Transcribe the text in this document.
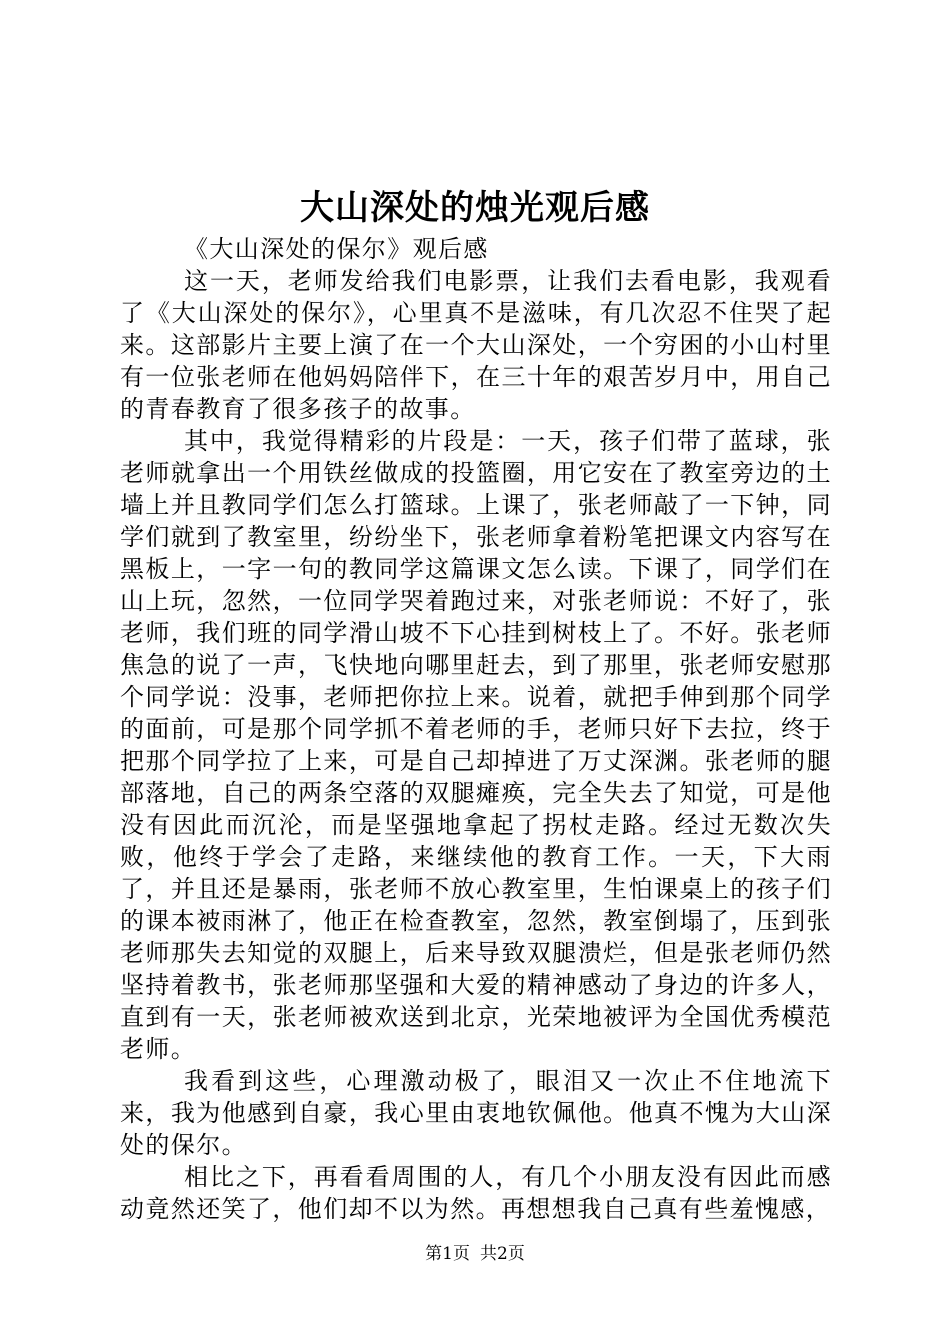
大山深处的烛光观后感

《大山深处的保尔》观后感

这一天，老师发给我们电影票，让我们去看电影，我观看了《大山深处的保尔》，心里真不是滋味，有几次忍不住哭了起来。这部影片主要上演了在一个大山深处，一个穷困的小山村里有一位张老师在他妈妈陪伴下，在三十年的艰苦岁月中，用自己的青春教育了很多孩子的故事。

其中，我觉得精彩的片段是：一天，孩子们带了蓝球，张老师就拿出一个用铁丝做成的投篮圈，用它安在了教室旁边的土墙上并且教同学们怎么打篮球。上课了，张老师敲了一下钟，同学们就到了教室里，纷纷坐下，张老师拿着粉笔把课文内容写在黑板上，一字一句的教同学这篇课文怎么读。下课了，同学们在山上玩，忽然，一位同学哭着跑过来，对张老师说：不好了，张老师，我们班的同学滑山坡不下心挂到树枝上了。不好。张老师焦急的说了一声，飞快地向哪里赶去，到了那里，张老师安慰那个同学说：没事，老师把你拉上来。说着，就把手伸到那个同学的面前，可是那个同学抓不着老师的手，老师只好下去拉，终于把那个同学拉了上来，可是自己却掉进了万丈深渊。张老师的腿部落地，自己的两条空落的双腿瘫痪，完全失去了知觉，可是他没有因此而沉沦，而是坚强地拿起了拐杖走路。经过无数次失败，他终于学会了走路，来继续他的教育工作。一天，下大雨了，并且还是暴雨，张老师不放心教室里，生怕课桌上的孩子们的课本被雨淋了，他正在检查教室，忽然，教室倒塌了，压到张老师那失去知觉的双腿上，后来导致双腿溃烂，但是张老师仍然坚持着教书，张老师那坚强和大爱的精神感动了身边的许多人，直到有一天，张老师被欢送到北京，光荣地被评为全国优秀模范老师。

我看到这些，心理激动极了，眼泪又一次止不住地流下来，我为他感到自豪，我心里由衷地钦佩他。他真不愧为大山深处的保尔。

相比之下，再看看周围的人，有几个小朋友没有因此而感动竟然还笑了，他们却不以为然。再想想我自己真有些羞愧感，

第1页 共2页
